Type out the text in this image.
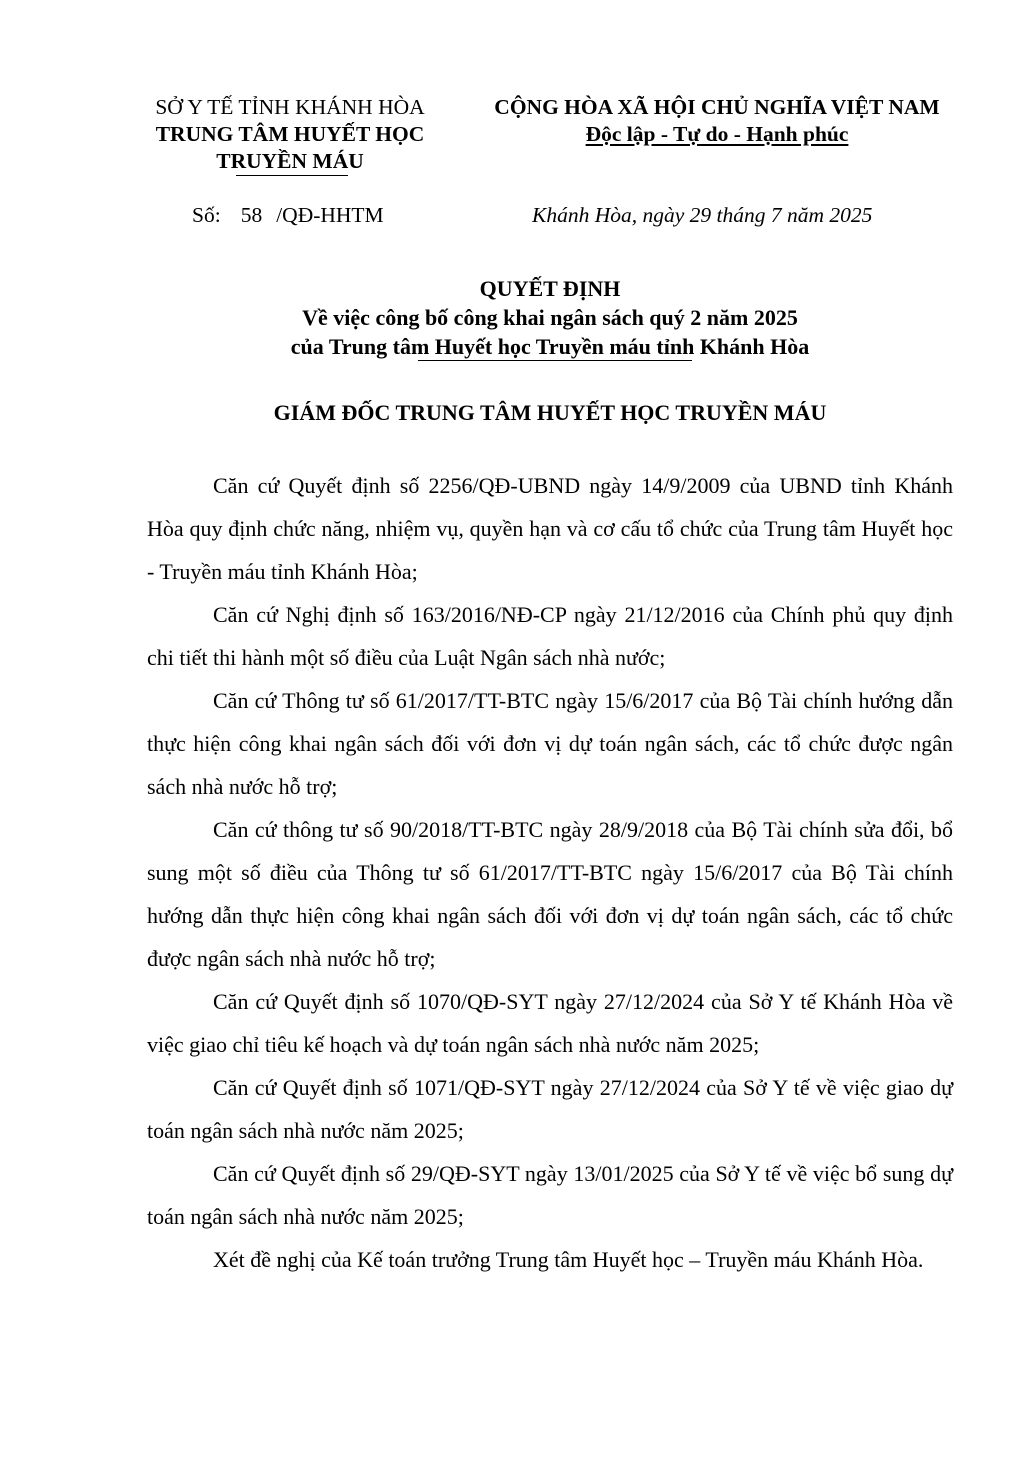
SỞ Y TẾ TỈNH KHÁNH HÒA
TRUNG TÂM HUYẾT HỌC
TRUYỀN MÁU
CỘNG HÒA XÃ HỘI CHỦ NGHĨA VIỆT NAM
Độc lập - Tự do - Hạnh phúc
Số: 58 /QĐ-HHTM	Khánh Hòa, ngày 29 tháng 7 năm 2025
QUYẾT ĐỊNH
Về việc công bố công khai ngân sách quý 2 năm 2025
của Trung tâm Huyết học Truyền máu tỉnh Khánh Hòa
GIÁM ĐỐC TRUNG TÂM HUYẾT HỌC TRUYỀN MÁU

Căn cứ Quyết định số 2256/QĐ-UBND ngày 14/9/2009 của UBND tỉnh Khánh Hòa quy định chức năng, nhiệm vụ, quyền hạn và cơ cấu tổ chức của Trung tâm Huyết học - Truyền máu tỉnh Khánh Hòa;

Căn cứ Nghị định số 163/2016/NĐ-CP ngày 21/12/2016 của Chính phủ quy định chi tiết thi hành một số điều của Luật Ngân sách nhà nước;

Căn cứ Thông tư số 61/2017/TT-BTC ngày 15/6/2017 của Bộ Tài chính hướng dẫn thực hiện công khai ngân sách đối với đơn vị dự toán ngân sách, các tổ chức được ngân sách nhà nước hỗ trợ;

Căn cứ thông tư số 90/2018/TT-BTC ngày 28/9/2018 của Bộ Tài chính sửa đổi, bổ sung một số điều của Thông tư số 61/2017/TT-BTC ngày 15/6/2017 của Bộ Tài chính hướng dẫn thực hiện công khai ngân sách đối với đơn vị dự toán ngân sách, các tổ chức được ngân sách nhà nước hỗ trợ;

Căn cứ Quyết định số 1070/QĐ-SYT ngày 27/12/2024 của Sở Y tế Khánh Hòa về việc giao chỉ tiêu kế hoạch và dự toán ngân sách nhà nước năm 2025;

Căn cứ Quyết định số 1071/QĐ-SYT ngày 27/12/2024 của Sở Y tế về việc giao dự toán ngân sách nhà nước năm 2025;

Căn cứ Quyết định số 29/QĐ-SYT ngày 13/01/2025 của Sở Y tế về việc bổ sung dự toán ngân sách nhà nước năm 2025;

Xét đề nghị của Kế toán trưởng Trung tâm Huyết học – Truyền máu Khánh Hòa.
